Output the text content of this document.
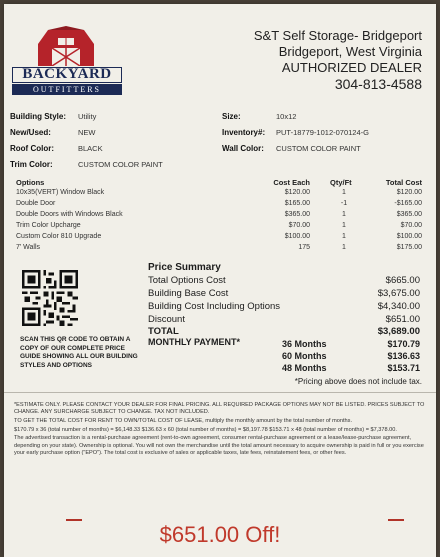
BACKYARD
OUTFITTERS
S&T Self Storage- Bridgeport
Bridgeport, West Virginia
AUTHORIZED DEALER
304-813-4588
Building Style: Utility
New/Used:	NEW
Roof Color:	BLACK
Trim Color:	CUSTOM COLOR PAINT
Size:	10x12
Inventory#: PUT-18779-1012-070124-G
Wall Color: CUSTOM COLOR PAINT
Options	Cost Each	Qty/Ft	Total Cost
10x35(VERT) Window Black	$120.00	1	$120.00
Double Door	$165.00	-1	-$165.00
Double Doors with Windows Black	$365.00	1	$365.00
Trim Color Upcharge	$70.00	1	$70.00
Custom Color 810 Upgrade	$100.00	1	$100.00
7' Walls	175	1	$175.00
SCAN THIS QR CODE TO OBTAIN A COPY OF OUR COMPLETE PRICE GUIDE SHOWING ALL OUR BUILDING STYLES AND OPTIONS
Price Summary
Total Options Cost	$665.00
Building Base Cost	$3,675.00
Building Cost Including Options	$4,340.00
Discount	$651.00
TOTAL	$3,689.00
MONTHLY PAYMENT*	36 Months	$170.79
60 Months	$136.63
48 Months	$153.71
*Pricing above does not include tax.

*ESTIMATE ONLY. PLEASE CONTACT YOUR DEALER FOR FINAL PRICING. ALL REQUIRED PACKAGE OPTIONS MAY NOT BE LISTED. PRICES SUBJECT TO CHANGE. ANY SURCHARGE SUBJECT TO CHANGE. TAX NOT INCLUDED.

TO GET THE TOTAL COST FOR RENT TO OWN/TOTAL COST OF LEASE, multiply the monthly amount by the total number of months.

$170.79 x 36 (total number of months) = $6,148.33 $136.63 x 60 (total number of months) = $8,197.78 $153.71 x 48 (total number of months) = $7,378.00.

The advertised transaction is a rental-purchase agreement (rent-to-own agreement, consumer rental-purchase agreement or a lease/lease-purchase agreement, depending on your state). Ownership is optional. You will not own the merchandise until the total amount necessary to acquire ownership is paid in full or you exercise your early purchase option ("EPO"). The total cost is exclusive of sales or applicable taxes, late fees, reinstatement fees, or other fees.

$651.00 Off!
